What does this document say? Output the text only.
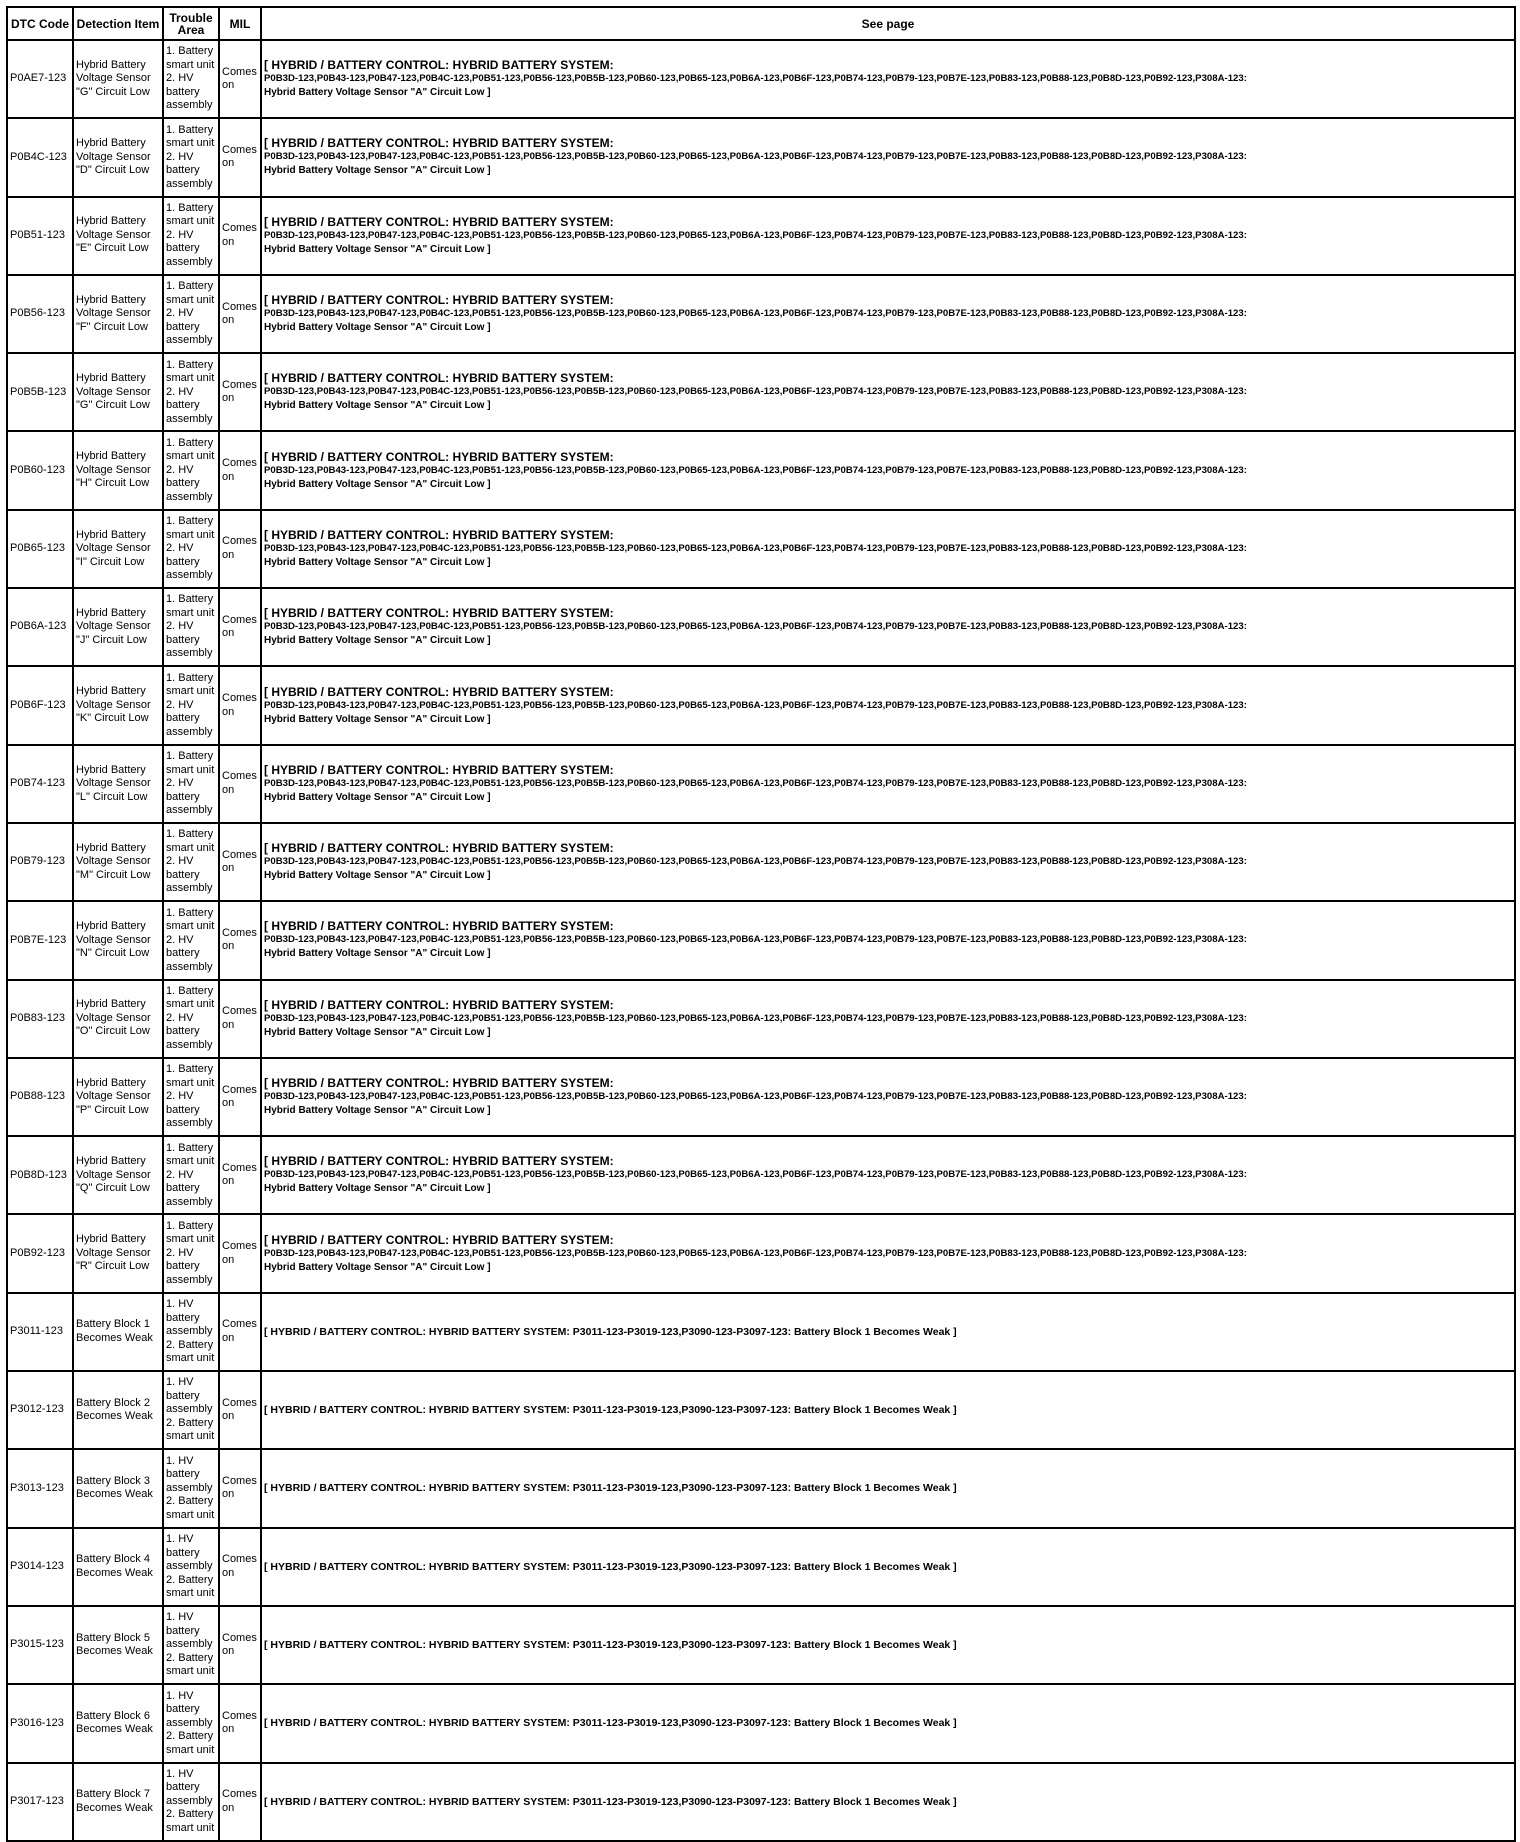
DTC Code	Detection Item	Trouble Area	MIL	See page
P0AE7-123	Hybrid Battery Voltage Sensor "G" Circuit Low	1. Battery smart unit 2. HV battery assembly	Comes on	[ HYBRID / BATTERY CONTROL: HYBRID BATTERY SYSTEM:
P0B3D-123,P0B43-123,P0B47-123,P0B4C-123,P0B51-123,P0B56-123,P0B5B-123,P0B60-123,P0B65-123,P0B6A-123,P0B6F-123,P0B74-123,P0B79-123,P0B7E-123,P0B83-123,P0B88-123,P0B8D-123,P0B92-123,P308A-123:
Hybrid Battery Voltage Sensor "A" Circuit Low ]

P0B4C-123	Hybrid Battery Voltage Sensor "D" Circuit Low	1. Battery smart unit 2. HV battery assembly	Comes on	[ HYBRID / BATTERY CONTROL: HYBRID BATTERY SYSTEM:
P0B3D-123,P0B43-123,P0B47-123,P0B4C-123,P0B51-123,P0B56-123,P0B5B-123,P0B60-123,P0B65-123,P0B6A-123,P0B6F-123,P0B74-123,P0B79-123,P0B7E-123,P0B83-123,P0B88-123,P0B8D-123,P0B92-123,P308A-123:
Hybrid Battery Voltage Sensor "A" Circuit Low ]

P0B51-123	Hybrid Battery Voltage Sensor "E" Circuit Low	1. Battery smart unit 2. HV battery assembly	Comes on	[ HYBRID / BATTERY CONTROL: HYBRID BATTERY SYSTEM:
P0B3D-123,P0B43-123,P0B47-123,P0B4C-123,P0B51-123,P0B56-123,P0B5B-123,P0B60-123,P0B65-123,P0B6A-123,P0B6F-123,P0B74-123,P0B79-123,P0B7E-123,P0B83-123,P0B88-123,P0B8D-123,P0B92-123,P308A-123:
Hybrid Battery Voltage Sensor "A" Circuit Low ]

P0B56-123	Hybrid Battery Voltage Sensor "F" Circuit Low	1. Battery smart unit 2. HV battery assembly	Comes on	[ HYBRID / BATTERY CONTROL: HYBRID BATTERY SYSTEM:
P0B3D-123,P0B43-123,P0B47-123,P0B4C-123,P0B51-123,P0B56-123,P0B5B-123,P0B60-123,P0B65-123,P0B6A-123,P0B6F-123,P0B74-123,P0B79-123,P0B7E-123,P0B83-123,P0B88-123,P0B8D-123,P0B92-123,P308A-123:
Hybrid Battery Voltage Sensor "A" Circuit Low ]

P0B5B-123	Hybrid Battery Voltage Sensor "G" Circuit Low	1. Battery smart unit 2. HV battery assembly	Comes on	[ HYBRID / BATTERY CONTROL: HYBRID BATTERY SYSTEM:
P0B3D-123,P0B43-123,P0B47-123,P0B4C-123,P0B51-123,P0B56-123,P0B5B-123,P0B60-123,P0B65-123,P0B6A-123,P0B6F-123,P0B74-123,P0B79-123,P0B7E-123,P0B83-123,P0B88-123,P0B8D-123,P0B92-123,P308A-123:
Hybrid Battery Voltage Sensor "A" Circuit Low ]

P0B60-123	Hybrid Battery Voltage Sensor "H" Circuit Low	1. Battery smart unit 2. HV battery assembly	Comes on	[ HYBRID / BATTERY CONTROL: HYBRID BATTERY SYSTEM:
P0B3D-123,P0B43-123,P0B47-123,P0B4C-123,P0B51-123,P0B56-123,P0B5B-123,P0B60-123,P0B65-123,P0B6A-123,P0B6F-123,P0B74-123,P0B79-123,P0B7E-123,P0B83-123,P0B88-123,P0B8D-123,P0B92-123,P308A-123:
Hybrid Battery Voltage Sensor "A" Circuit Low ]

P0B65-123	Hybrid Battery Voltage Sensor "I" Circuit Low	1. Battery smart unit 2. HV battery assembly	Comes on	[ HYBRID / BATTERY CONTROL: HYBRID BATTERY SYSTEM:
P0B3D-123,P0B43-123,P0B47-123,P0B4C-123,P0B51-123,P0B56-123,P0B5B-123,P0B60-123,P0B65-123,P0B6A-123,P0B6F-123,P0B74-123,P0B79-123,P0B7E-123,P0B83-123,P0B88-123,P0B8D-123,P0B92-123,P308A-123:
Hybrid Battery Voltage Sensor "A" Circuit Low ]

P0B6A-123	Hybrid Battery Voltage Sensor "J" Circuit Low	1. Battery smart unit 2. HV battery assembly	Comes on	[ HYBRID / BATTERY CONTROL: HYBRID BATTERY SYSTEM:
P0B3D-123,P0B43-123,P0B47-123,P0B4C-123,P0B51-123,P0B56-123,P0B5B-123,P0B60-123,P0B65-123,P0B6A-123,P0B6F-123,P0B74-123,P0B79-123,P0B7E-123,P0B83-123,P0B88-123,P0B8D-123,P0B92-123,P308A-123:
Hybrid Battery Voltage Sensor "A" Circuit Low ]

P0B6F-123	Hybrid Battery Voltage Sensor "K" Circuit Low	1. Battery smart unit 2. HV battery assembly	Comes on	[ HYBRID / BATTERY CONTROL: HYBRID BATTERY SYSTEM:
P0B3D-123,P0B43-123,P0B47-123,P0B4C-123,P0B51-123,P0B56-123,P0B5B-123,P0B60-123,P0B65-123,P0B6A-123,P0B6F-123,P0B74-123,P0B79-123,P0B7E-123,P0B83-123,P0B88-123,P0B8D-123,P0B92-123,P308A-123:
Hybrid Battery Voltage Sensor "A" Circuit Low ]

P0B74-123	Hybrid Battery Voltage Sensor "L" Circuit Low	1. Battery smart unit 2. HV battery assembly	Comes on	[ HYBRID / BATTERY CONTROL: HYBRID BATTERY SYSTEM:
P0B3D-123,P0B43-123,P0B47-123,P0B4C-123,P0B51-123,P0B56-123,P0B5B-123,P0B60-123,P0B65-123,P0B6A-123,P0B6F-123,P0B74-123,P0B79-123,P0B7E-123,P0B83-123,P0B88-123,P0B8D-123,P0B92-123,P308A-123:
Hybrid Battery Voltage Sensor "A" Circuit Low ]

P0B79-123	Hybrid Battery Voltage Sensor "M" Circuit Low	1. Battery smart unit 2. HV battery assembly	Comes on	[ HYBRID / BATTERY CONTROL: HYBRID BATTERY SYSTEM:
P0B3D-123,P0B43-123,P0B47-123,P0B4C-123,P0B51-123,P0B56-123,P0B5B-123,P0B60-123,P0B65-123,P0B6A-123,P0B6F-123,P0B74-123,P0B79-123,P0B7E-123,P0B83-123,P0B88-123,P0B8D-123,P0B92-123,P308A-123:
Hybrid Battery Voltage Sensor "A" Circuit Low ]

P0B7E-123	Hybrid Battery Voltage Sensor "N" Circuit Low	1. Battery smart unit 2. HV battery assembly	Comes on	[ HYBRID / BATTERY CONTROL: HYBRID BATTERY SYSTEM:
P0B3D-123,P0B43-123,P0B47-123,P0B4C-123,P0B51-123,P0B56-123,P0B5B-123,P0B60-123,P0B65-123,P0B6A-123,P0B6F-123,P0B74-123,P0B79-123,P0B7E-123,P0B83-123,P0B88-123,P0B8D-123,P0B92-123,P308A-123:
Hybrid Battery Voltage Sensor "A" Circuit Low ]

P0B83-123	Hybrid Battery Voltage Sensor "O" Circuit Low	1. Battery smart unit 2. HV battery assembly	Comes on	[ HYBRID / BATTERY CONTROL: HYBRID BATTERY SYSTEM:
P0B3D-123,P0B43-123,P0B47-123,P0B4C-123,P0B51-123,P0B56-123,P0B5B-123,P0B60-123,P0B65-123,P0B6A-123,P0B6F-123,P0B74-123,P0B79-123,P0B7E-123,P0B83-123,P0B88-123,P0B8D-123,P0B92-123,P308A-123:
Hybrid Battery Voltage Sensor "A" Circuit Low ]

P0B88-123	Hybrid Battery Voltage Sensor "P" Circuit Low	1. Battery smart unit 2. HV battery assembly	Comes on	[ HYBRID / BATTERY CONTROL: HYBRID BATTERY SYSTEM:
P0B3D-123,P0B43-123,P0B47-123,P0B4C-123,P0B51-123,P0B56-123,P0B5B-123,P0B60-123,P0B65-123,P0B6A-123,P0B6F-123,P0B74-123,P0B79-123,P0B7E-123,P0B83-123,P0B88-123,P0B8D-123,P0B92-123,P308A-123:
Hybrid Battery Voltage Sensor "A" Circuit Low ]

P0B8D-123	Hybrid Battery Voltage Sensor "Q" Circuit Low	1. Battery smart unit 2. HV battery assembly	Comes on	[ HYBRID / BATTERY CONTROL: HYBRID BATTERY SYSTEM:
P0B3D-123,P0B43-123,P0B47-123,P0B4C-123,P0B51-123,P0B56-123,P0B5B-123,P0B60-123,P0B65-123,P0B6A-123,P0B6F-123,P0B74-123,P0B79-123,P0B7E-123,P0B83-123,P0B88-123,P0B8D-123,P0B92-123,P308A-123:
Hybrid Battery Voltage Sensor "A" Circuit Low ]

P0B92-123	Hybrid Battery Voltage Sensor "R" Circuit Low	1. Battery smart unit 2. HV battery assembly	Comes on	[ HYBRID / BATTERY CONTROL: HYBRID BATTERY SYSTEM:
P0B3D-123,P0B43-123,P0B47-123,P0B4C-123,P0B51-123,P0B56-123,P0B5B-123,P0B60-123,P0B65-123,P0B6A-123,P0B6F-123,P0B74-123,P0B79-123,P0B7E-123,P0B83-123,P0B88-123,P0B8D-123,P0B92-123,P308A-123:
Hybrid Battery Voltage Sensor "A" Circuit Low ]

P3011-123	Battery Block 1 Becomes Weak	1. HV battery assembly 2. Battery smart unit	Comes on	[ HYBRID / BATTERY CONTROL: HYBRID BATTERY SYSTEM: P3011-123-P3019-123,P3090-123-P3097-123: Battery Block 1 Becomes Weak ]
P3012-123	Battery Block 2 Becomes Weak	1. HV battery assembly 2. Battery smart unit	Comes on	[ HYBRID / BATTERY CONTROL: HYBRID BATTERY SYSTEM: P3011-123-P3019-123,P3090-123-P3097-123: Battery Block 1 Becomes Weak ]
P3013-123	Battery Block 3 Becomes Weak	1. HV battery assembly 2. Battery smart unit	Comes on	[ HYBRID / BATTERY CONTROL: HYBRID BATTERY SYSTEM: P3011-123-P3019-123,P3090-123-P3097-123: Battery Block 1 Becomes Weak ]
P3014-123	Battery Block 4 Becomes Weak	1. HV battery assembly 2. Battery smart unit	Comes on	[ HYBRID / BATTERY CONTROL: HYBRID BATTERY SYSTEM: P3011-123-P3019-123,P3090-123-P3097-123: Battery Block 1 Becomes Weak ]
P3015-123	Battery Block 5 Becomes Weak	1. HV battery assembly 2. Battery smart unit	Comes on	[ HYBRID / BATTERY CONTROL: HYBRID BATTERY SYSTEM: P3011-123-P3019-123,P3090-123-P3097-123: Battery Block 1 Becomes Weak ]
P3016-123	Battery Block 6 Becomes Weak	1. HV battery assembly 2. Battery smart unit	Comes on	[ HYBRID / BATTERY CONTROL: HYBRID BATTERY SYSTEM: P3011-123-P3019-123,P3090-123-P3097-123: Battery Block 1 Becomes Weak ]
P3017-123	Battery Block 7 Becomes Weak	1. HV battery assembly 2. Battery smart unit	Comes on	[ HYBRID / BATTERY CONTROL: HYBRID BATTERY SYSTEM: P3011-123-P3019-123,P3090-123-P3097-123: Battery Block 1 Becomes Weak ]
